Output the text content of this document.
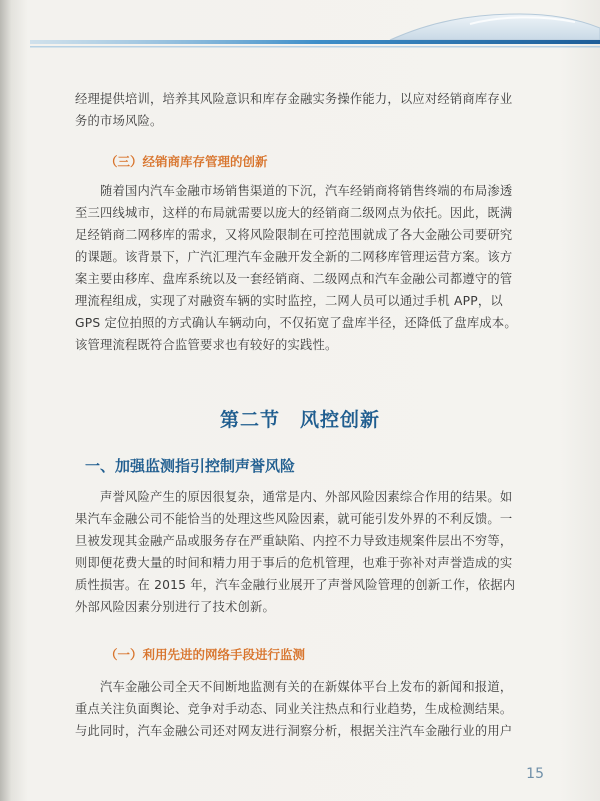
经理提供培训，培养其风险意识和库存金融实务操作能力，以应对经销商库存业
务的市场风险。
（三）经销商库存管理的创新
随着国内汽车金融市场销售渠道的下沉，汽车经销商将销售终端的布局渗透
至三四线城市，这样的布局就需要以庞大的经销商二级网点为依托。因此，既满
足经销商二网移库的需求，又将风险限制在可控范围就成了各大金融公司要研究
的课题。该背景下，广汽汇理汽车金融开发全新的二网移库管理运营方案。该方
案主要由移库、盘库系统以及一套经销商、二级网点和汽车金融公司都遵守的管
理流程组成，实现了对融资车辆的实时监控，二网人员可以通过手机 APP，以
GPS 定位拍照的方式确认车辆动向，不仅拓宽了盘库半径，还降低了盘库成本。
该管理流程既符合监管要求也有较好的实践性。
第二节　风控创新
一、加强监测指引控制声誉风险
声誉风险产生的原因很复杂，通常是内、外部风险因素综合作用的结果。如
果汽车金融公司不能恰当的处理这些风险因素，就可能引发外界的不利反馈。一
旦被发现其金融产品或服务存在严重缺陷、内控不力导致违规案件层出不穷等，
则即便花费大量的时间和精力用于事后的危机管理，也难于弥补对声誉造成的实
质性损害。在 2015 年，汽车金融行业展开了声誉风险管理的创新工作，依据内
外部风险因素分别进行了技术创新。
（一）利用先进的网络手段进行监测
汽车金融公司全天不间断地监测有关的在新媒体平台上发布的新闻和报道，
重点关注负面舆论、竞争对手动态、同业关注热点和行业趋势，生成检测结果。
与此同时，汽车金融公司还对网友进行洞察分析，根据关注汽车金融行业的用户
15
